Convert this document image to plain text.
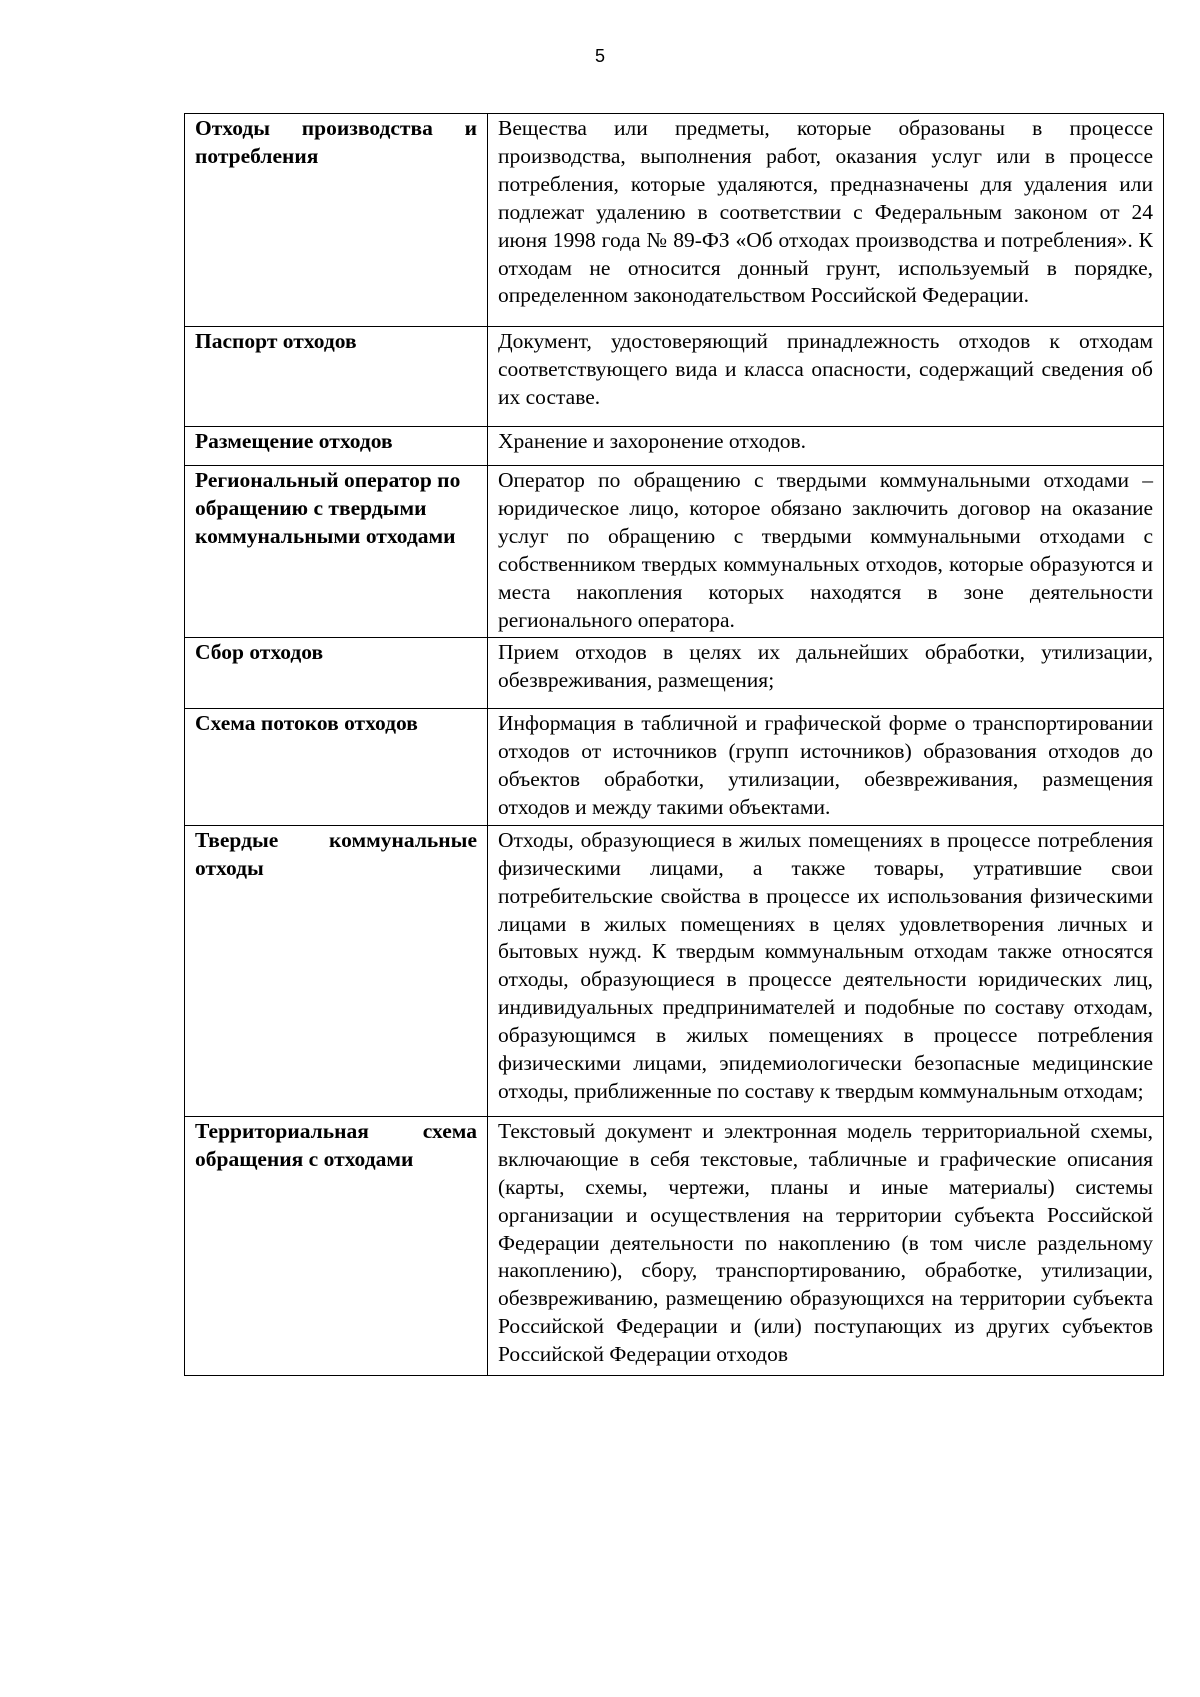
5
Отходы производства и потребления	Вещества или предметы, которые образованы в процессе производства, выполнения работ, оказания услуг или в процессе потребления, которые удаляются, предназначены для удаления или подлежат удалению в соответствии с Федеральным законом от 24 июня 1998 года № 89-ФЗ «Об отходах производства и потребления». К отходам не относится донный грунт, используемый в порядке, определенном законодательством Российской Федерации.
Паспорт отходов	Документ, удостоверяющий принадлежность отходов к отходам соответствующего вида и класса опасности, содержащий сведения об их составе.
Размещение отходов	Хранение и захоронение отходов.
Региональный оператор по обращению с твердыми коммунальными отходами	Оператор по обращению с твердыми коммунальными отходами – юридическое лицо, которое обязано заключить договор на оказание услуг по обращению с твердыми коммунальными отходами с собственником твердых коммунальных отходов, которые образуются и места накопления которых находятся в зоне деятельности регионального оператора.
Сбор отходов	Прием отходов в целях их дальнейших обработки, утилизации, обезвреживания, размещения;
Схема потоков отходов	Информация в табличной и графической форме о транспортировании отходов от источников (групп источников) образования отходов до объектов обработки, утилизации, обезвреживания, размещения отходов и между такими объектами.
Твердые коммунальные отходы	Отходы, образующиеся в жилых помещениях в процессе потребления физическими лицами, а также товары, утратившие свои потребительские свойства в процессе их использования физическими лицами в жилых помещениях в целях удовлетворения личных и бытовых нужд. К твердым коммунальным отходам также относятся отходы, образующиеся в процессе деятельности юридических лиц, индивидуальных предпринимателей и подобные по составу отходам, образующимся в жилых помещениях в процессе потребления физическими лицами, эпидемиологически безопасные медицинские отходы, приближенные по составу к твердым коммунальным отходам;
Территориальная схема обращения с отходами	Текстовый документ и электронная модель территориальной схемы, включающие в себя текстовые, табличные и графические описания (карты, схемы, чертежи, планы и иные материалы) системы организации и осуществления на территории субъекта Российской Федерации деятельности по накоплению (в том числе раздельному накоплению), сбору, транспортированию, обработке, утилизации, обезвреживанию, размещению образующихся на территории субъекта Российской Федерации и (или) поступающих из других субъектов Российской Федерации отходов
